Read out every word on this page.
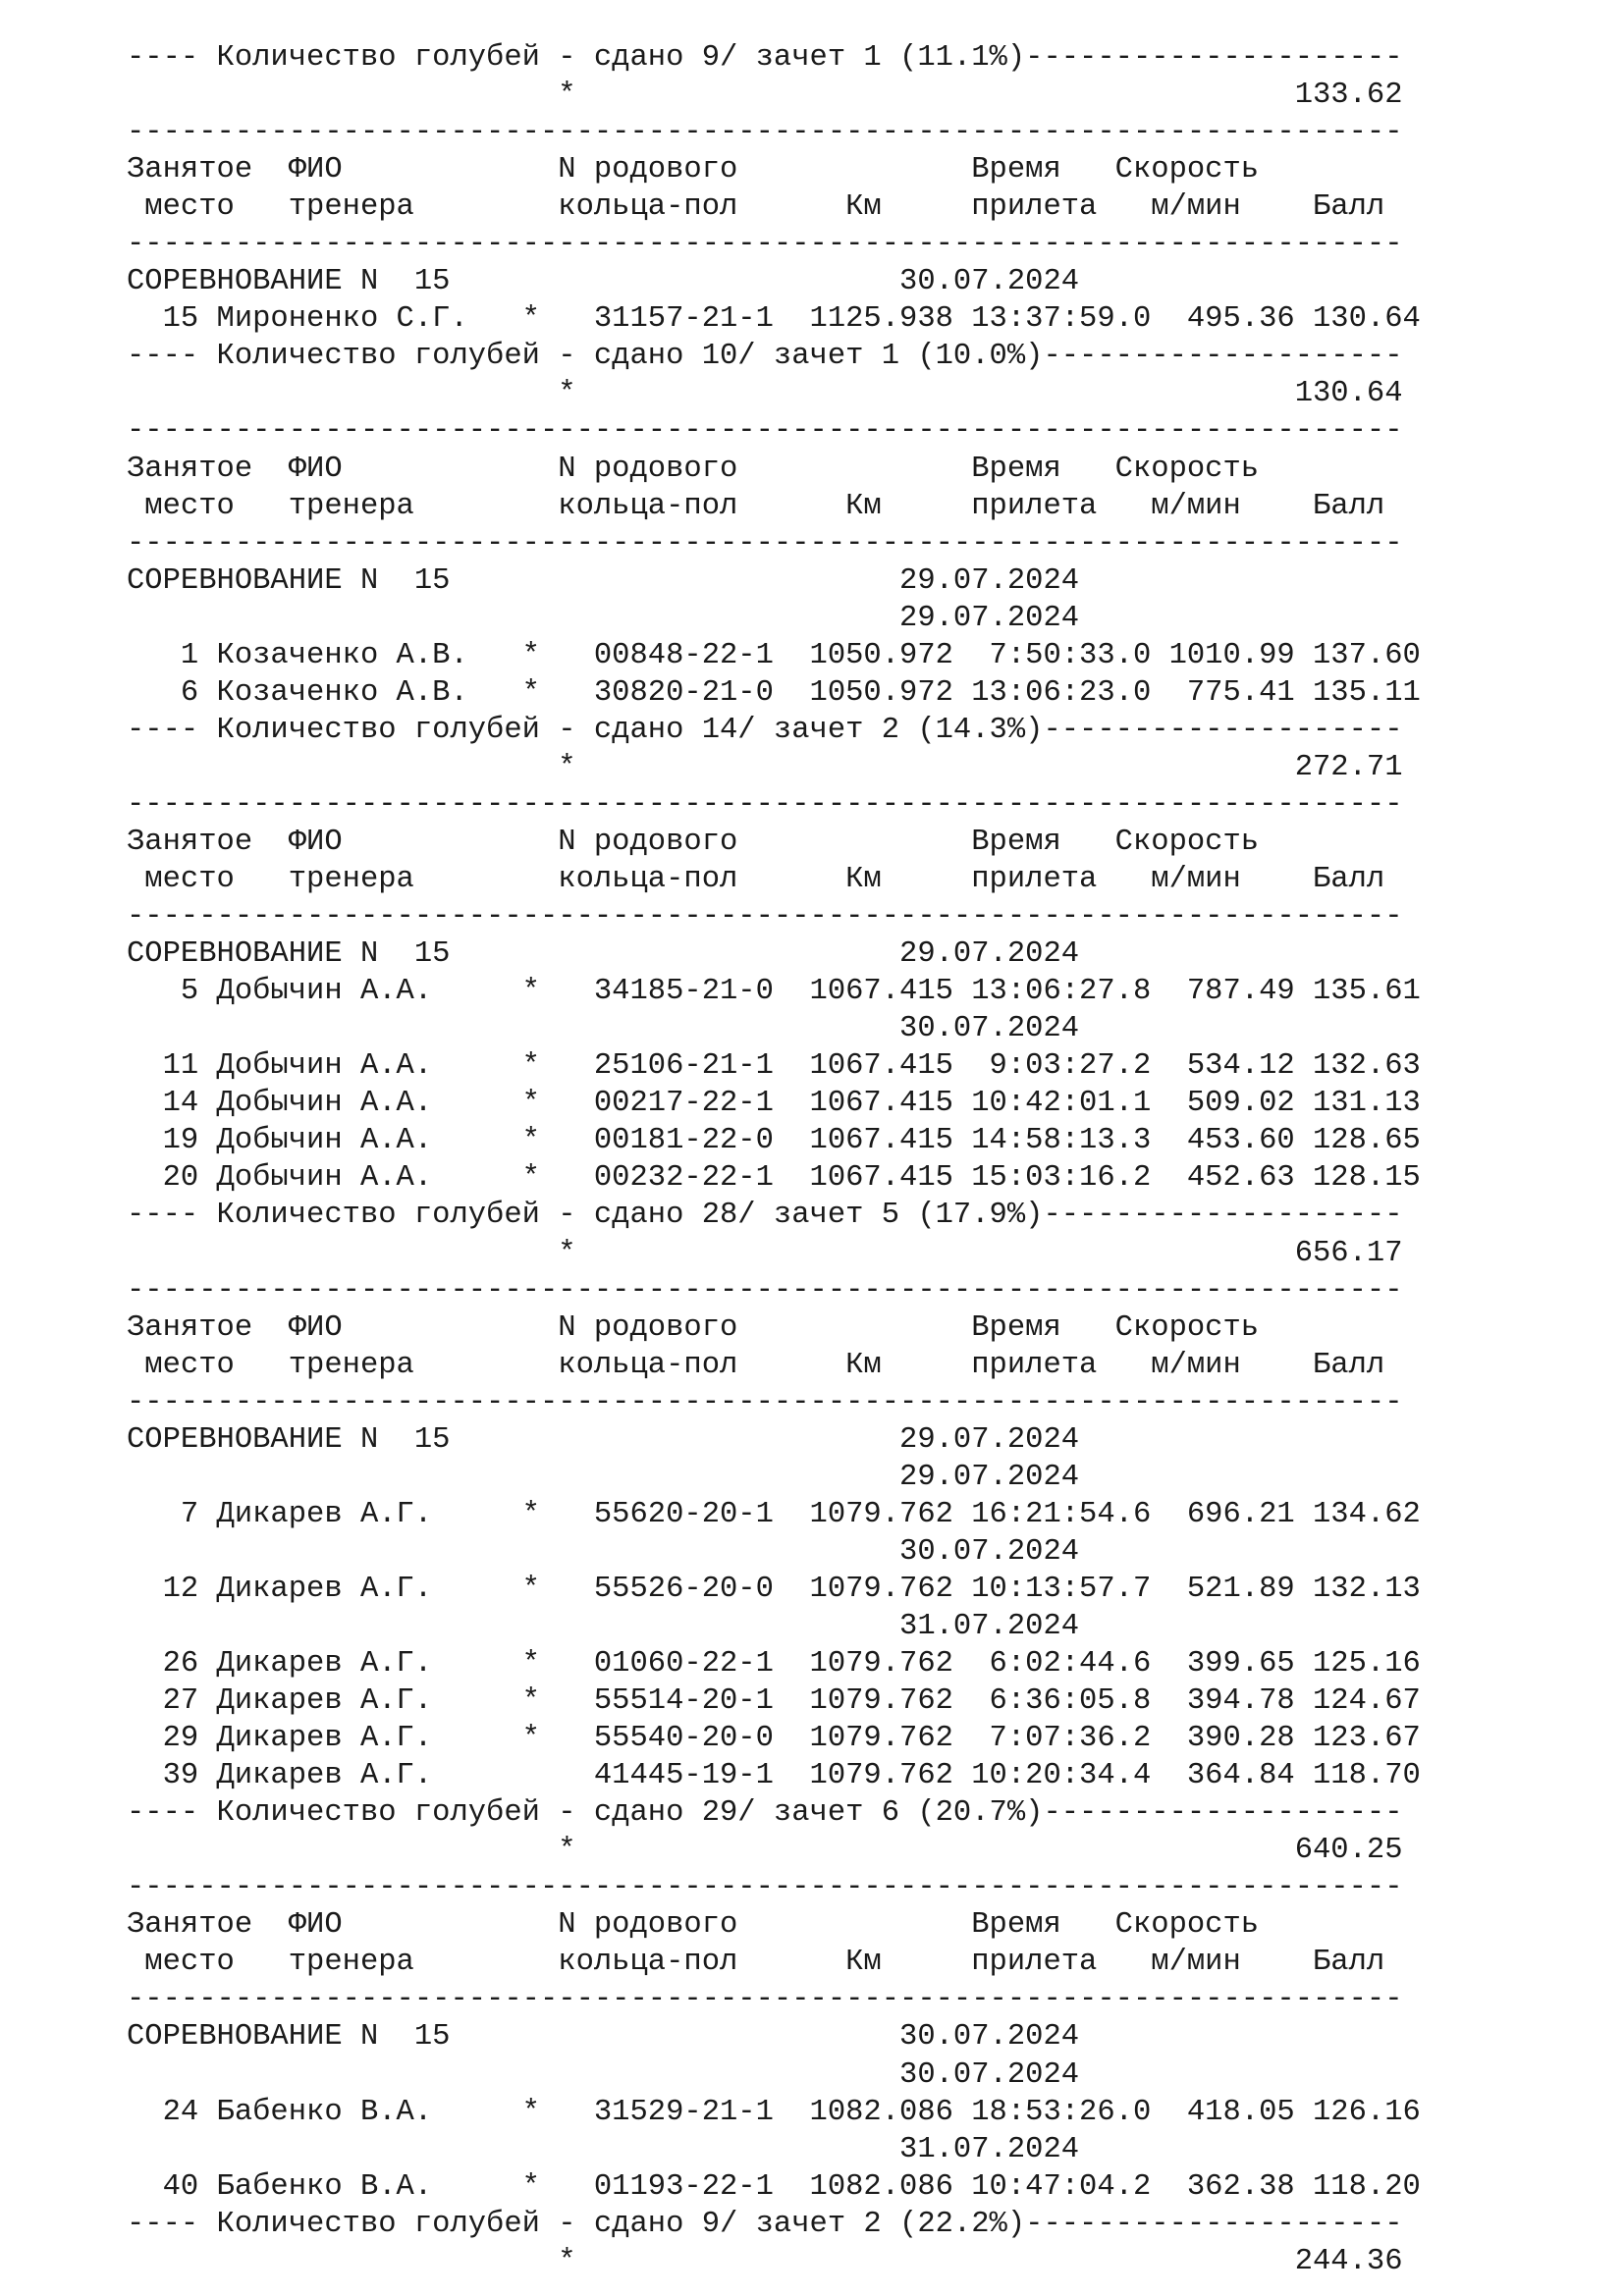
---- Количество голубей - сдано 9/ зачет 1 (11.1%)---------------------
*                                        133.62
-----------------------------------------------------------------------
Занятое  ФИО            N родового             Время   Скорость
место   тренера        кольца-пол      Км     прилета   м/мин    Балл
-----------------------------------------------------------------------
СОРЕВНОВАНИЕ N  15                         30.07.2024
15 Мироненко С.Г.   *   31157-21-1  1125.938 13:37:59.0  495.36 130.64
---- Количество голубей - сдано 10/ зачет 1 (10.0%)--------------------
*                                        130.64
-----------------------------------------------------------------------
Занятое  ФИО            N родового             Время   Скорость
место   тренера        кольца-пол      Км     прилета   м/мин    Балл
-----------------------------------------------------------------------
СОРЕВНОВАНИЕ N  15                         29.07.2024
29.07.2024
1 Козаченко А.В.   *   00848-22-1  1050.972  7:50:33.0 1010.99 137.60
6 Козаченко А.В.   *   30820-21-0  1050.972 13:06:23.0  775.41 135.11
---- Количество голубей - сдано 14/ зачет 2 (14.3%)--------------------
*                                        272.71
-----------------------------------------------------------------------
Занятое  ФИО            N родового             Время   Скорость
место   тренера        кольца-пол      Км     прилета   м/мин    Балл
-----------------------------------------------------------------------
СОРЕВНОВАНИЕ N  15                         29.07.2024
5 Добычин А.А.     *   34185-21-0  1067.415 13:06:27.8  787.49 135.61
30.07.2024
11 Добычин А.А.     *   25106-21-1  1067.415  9:03:27.2  534.12 132.63
14 Добычин А.А.     *   00217-22-1  1067.415 10:42:01.1  509.02 131.13
19 Добычин А.А.     *   00181-22-0  1067.415 14:58:13.3  453.60 128.65
20 Добычин А.А.     *   00232-22-1  1067.415 15:03:16.2  452.63 128.15
---- Количество голубей - сдано 28/ зачет 5 (17.9%)--------------------
*                                        656.17
-----------------------------------------------------------------------
Занятое  ФИО            N родового             Время   Скорость
место   тренера        кольца-пол      Км     прилета   м/мин    Балл
-----------------------------------------------------------------------
СОРЕВНОВАНИЕ N  15                         29.07.2024
29.07.2024
7 Дикарев А.Г.     *   55620-20-1  1079.762 16:21:54.6  696.21 134.62
30.07.2024
12 Дикарев А.Г.     *   55526-20-0  1079.762 10:13:57.7  521.89 132.13
31.07.2024
26 Дикарев А.Г.     *   01060-22-1  1079.762  6:02:44.6  399.65 125.16
27 Дикарев А.Г.     *   55514-20-1  1079.762  6:36:05.8  394.78 124.67
29 Дикарев А.Г.     *   55540-20-0  1079.762  7:07:36.2  390.28 123.67
39 Дикарев А.Г.         41445-19-1  1079.762 10:20:34.4  364.84 118.70
---- Количество голубей - сдано 29/ зачет 6 (20.7%)--------------------
*                                        640.25
-----------------------------------------------------------------------
Занятое  ФИО            N родового             Время   Скорость
место   тренера        кольца-пол      Км     прилета   м/мин    Балл
-----------------------------------------------------------------------
СОРЕВНОВАНИЕ N  15                         30.07.2024
30.07.2024
24 Бабенко В.А.     *   31529-21-1  1082.086 18:53:26.0  418.05 126.16
31.07.2024
40 Бабенко В.А.     *   01193-22-1  1082.086 10:47:04.2  362.38 118.20
---- Количество голубей - сдано 9/ зачет 2 (22.2%)---------------------
*                                        244.36
